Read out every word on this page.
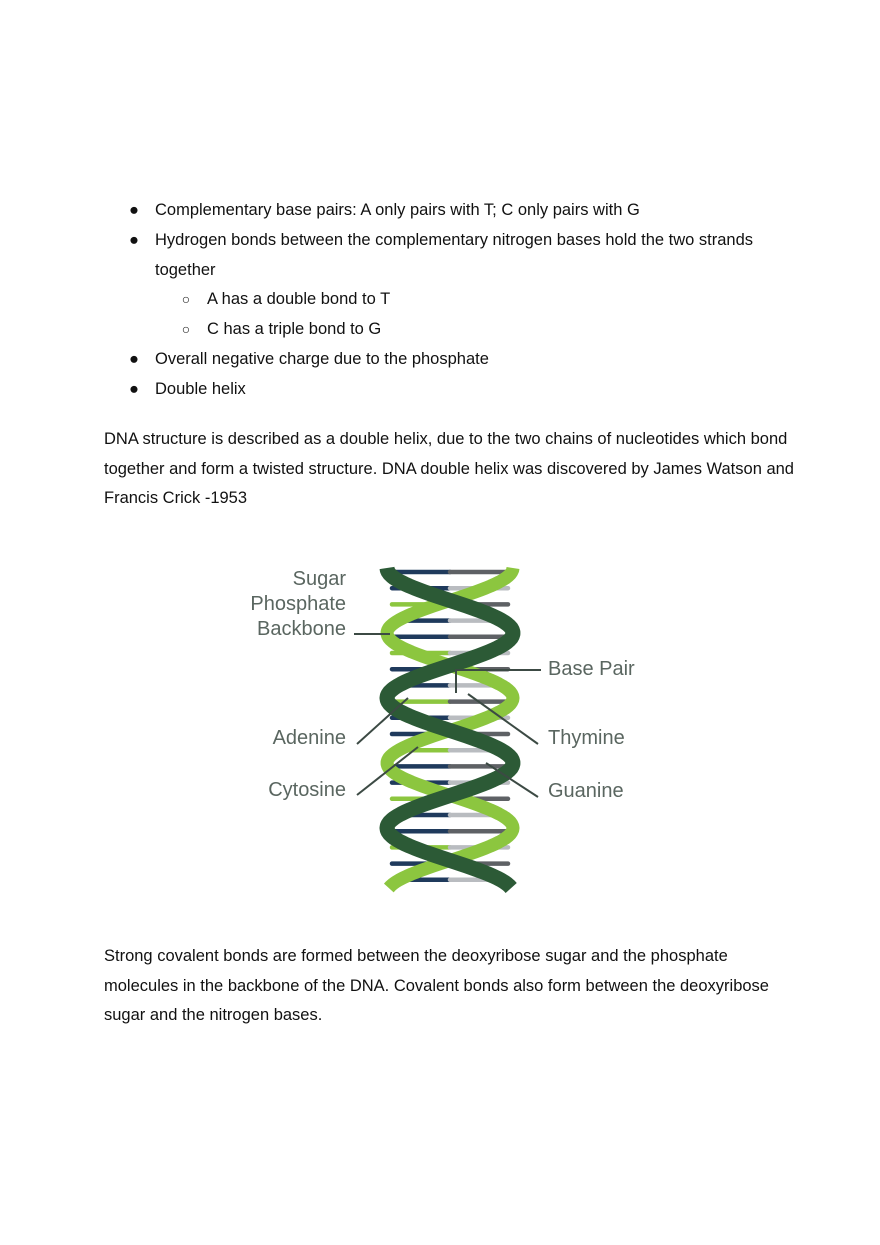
● Complementary base pairs: A only pairs with T; C only pairs with G
● Hydrogen bonds between the complementary nitrogen bases hold the two strands together
○ A has a double bond to T
○ C has a triple bond to G
● Overall negative charge due to the phosphate
● Double helix

DNA structure is described as a double helix, due to the two chains of nucleotides which bond together and form a twisted structure. DNA double helix was discovered by James Watson and Francis Crick -1953

Sugar
Phosphate
Backbone
Base Pair
Adenine	Thymine
Cytosine	Guanine

Strong covalent bonds are formed between the deoxyribose sugar and the phosphate molecules in the backbone of the DNA. Covalent bonds also form between the deoxyribose sugar and the nitrogen bases.
